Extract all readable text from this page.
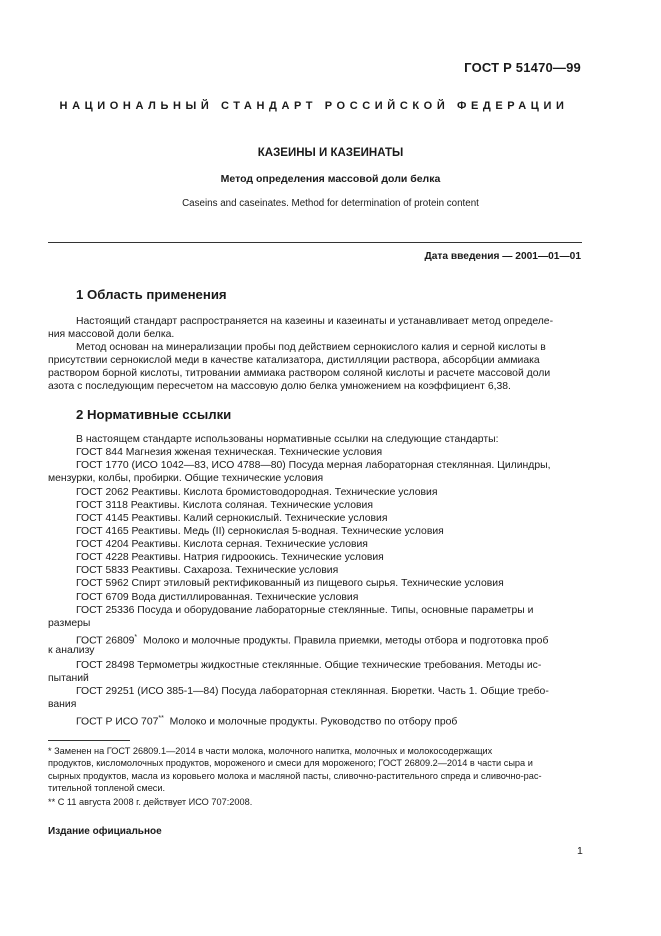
ГОСТ Р 51470—99
НАЦИОНАЛЬНЫЙ СТАНДАРТ РОССИЙСКОЙ ФЕДЕРАЦИИ
КАЗЕИНЫ И КАЗЕИНАТЫ
Метод определения массовой доли белка
Caseins and caseinates. Method for determination of protein content
Дата введения — 2001—01—01
1 Область применения
Настоящий стандарт распространяется на казеины и казеинаты и устанавливает метод определе-
ния массовой доли белка.
Метод основан на минерализации пробы под действием сернокислого калия и серной кислоты в
присутствии сернокислой меди в качестве катализатора, дистилляции раствора, абсорбции аммиака
раствором борной кислоты, титровании аммиака раствором соляной кислоты и расчете массовой доли
азота с последующим пересчетом на массовую долю белка умножением на коэффициент 6,38.
2 Нормативные ссылки
В настоящем стандарте использованы нормативные ссылки на следующие стандарты:
ГОСТ 844 Магнезия жженая техническая. Технические условия
ГОСТ 1770 (ИСО 1042—83, ИСО 4788—80) Посуда мерная лабораторная стеклянная. Цилиндры,
мензурки, колбы, пробирки. Общие технические условия
ГОСТ 2062 Реактивы. Кислота бромистоводородная. Технические условия
ГОСТ 3118 Реактивы. Кислота соляная. Технические условия
ГОСТ 4145 Реактивы. Калий сернокислый. Технические условия
ГОСТ 4165 Реактивы. Медь (II) сернокислая 5-водная. Технические условия
ГОСТ 4204 Реактивы. Кислота серная. Технические условия
ГОСТ 4228 Реактивы. Натрия гидроокись. Технические условия
ГОСТ 5833 Реактивы. Сахароза. Технические условия
ГОСТ 5962 Спирт этиловый ректификованный из пищевого сырья. Технические условия
ГОСТ 6709 Вода дистиллированная. Технические условия
ГОСТ 25336 Посуда и оборудование лабораторные стеклянные. Типы, основные параметры и
размеры
ГОСТ 26809* Молоко и молочные продукты. Правила приемки, методы отбора и подготовка проб
к анализу
ГОСТ 28498 Термометры жидкостные стеклянные. Общие технические требования. Методы ис-
пытаний
ГОСТ 29251 (ИСО 385-1—84) Посуда лабораторная стеклянная. Бюретки. Часть 1. Общие требо-
вания
ГОСТ Р ИСО 707** Молоко и молочные продукты. Руководство по отбору проб
* Заменен на ГОСТ 26809.1—2014 в части молока, молочного напитка, молочных и молокосодержащих
продуктов, кисломолочных продуктов, мороженого и смеси для мороженого; ГОСТ 26809.2—2014 в части сыра и
сырных продуктов, масла из коровьего молока и масляной пасты, сливочно-растительного спреда и сливочно-рас-
тительной топленой смеси.
** С 11 августа 2008 г. действует ИСО 707:2008.
Издание официальное
1
